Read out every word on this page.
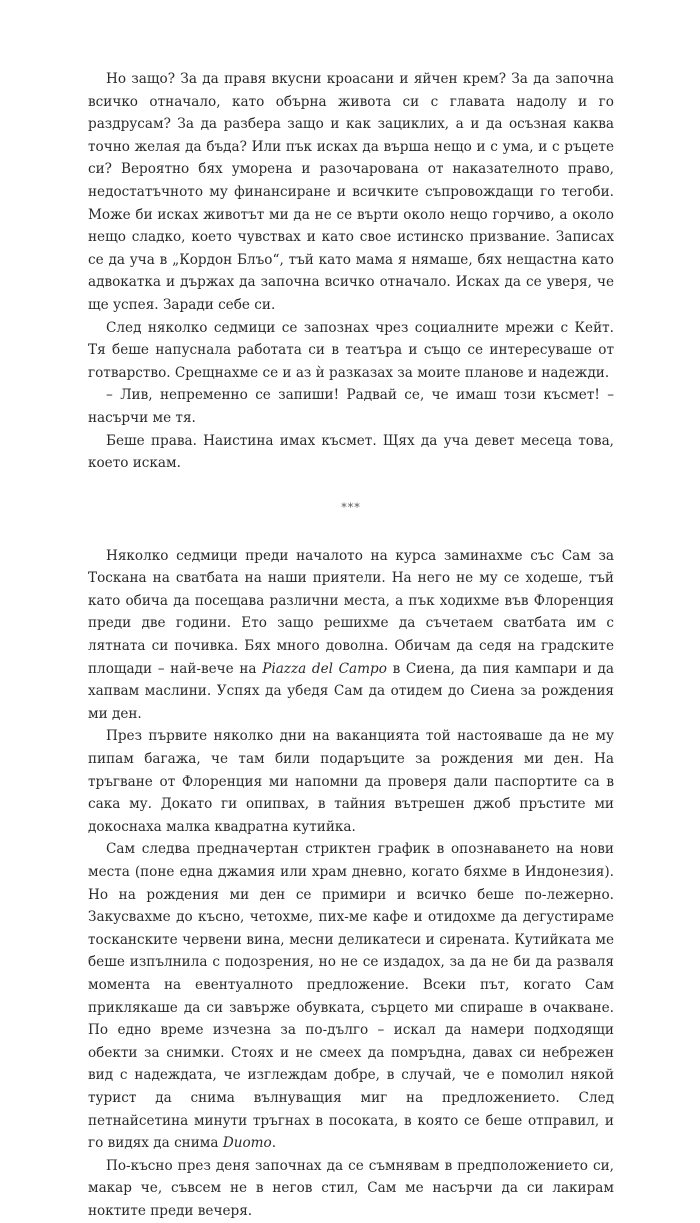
Но защо? За да правя вкусни кроасани и яйчен крем? За да започна всичко отначало, като обърна живота си с главата надолу и го раздрусам? За да разбера защо и как зациклих, а и да осъзная каква точно желая да бъда? Или пък исках да върша нещо и с ума, и с ръцете си? Вероятно бях уморена и разочарована от наказателното право, недостатъчното му финансиране и всичките съпровождащи го тегоби. Може би исках животът ми да не се върти около нещо горчиво, а около нещо сладко, което чувствах и като свое истинско призвание. Записах се да уча в „Кордон Блъо“, тъй като мама я нямаше, бях нещастна като адвокатка и държах да започна всичко отначало. Исках да се уверя, че ще успея. Заради себе си.

След няколко седмици се запознах чрез социалните мрежи с Кейт. Тя беше напуснала работата си в театъра и също се интересуваше от готварство. Срещнахме се и аз ѝ разказах за моите планове и надежди.

– Лив, непременно се запиши! Радвай се, че имаш този късмет! – насърчи ме тя.

Беше права. Наистина имах късмет. Щях да уча девет месеца това, което искам.

***

Няколко седмици преди началото на курса заминахме със Сам за Тоскана на сватбата на наши приятели. На него не му се ходеше, тъй като обича да посещава различни места, а пък ходихме във Флоренция преди две години. Ето защо решихме да съчетаем сватбата им с лятната си почивка. Бях много доволна. Обичам да седя на градските площади – най-вече на Piazza del Campo в Сиена, да пия кампари и да хапвам маслини. Успях да убедя Сам да отидем до Сиена за рождения ми ден.

През първите няколко дни на ваканцията той настояваше да не му пипам багажа, че там били подаръците за рождения ми ден. На тръгване от Флоренция ми напомни да проверя дали паспортите са в сака му. Докато ги опипвах, в тайния вътрешен джоб пръстите ми докоснаха малка квадратна кутийка.

Сам следва предначертан стриктен график в опознаването на нови места (поне една джамия или храм дневно, когато бяхме в Индонезия). Но на рождения ми ден се примири и всичко беше по-лежерно. Закусвахме до късно, четохме, пих-ме кафе и отидохме да дегустираме тосканските червени вина, месни деликатеси и сирената. Кутийката ме беше изпълнила с подозрения, но не се издадох, за да не би да разваля момента на евентуалното предложение. Всеки път, когато Сам приклякаше да си завърже обувката, сърцето ми спираше в очакване. По едно време изчезна за по-дълго – искал да намери подходящи обекти за снимки. Стоях и не смеех да помръдна, давах си небрежен вид с надеждата, че изглеждам добре, в случай, че е помолил някой турист да снима вълнуващия миг на предложението. След петнайсетина минути тръгнах в посоката, в която се беше отправил, и го видях да снима Duomo.

По-късно през деня започнах да се съмнявам в предположението си, макар че, съвсем не в негов стил, Сам ме насърчи да си лакирам ноктите преди вечеря.
